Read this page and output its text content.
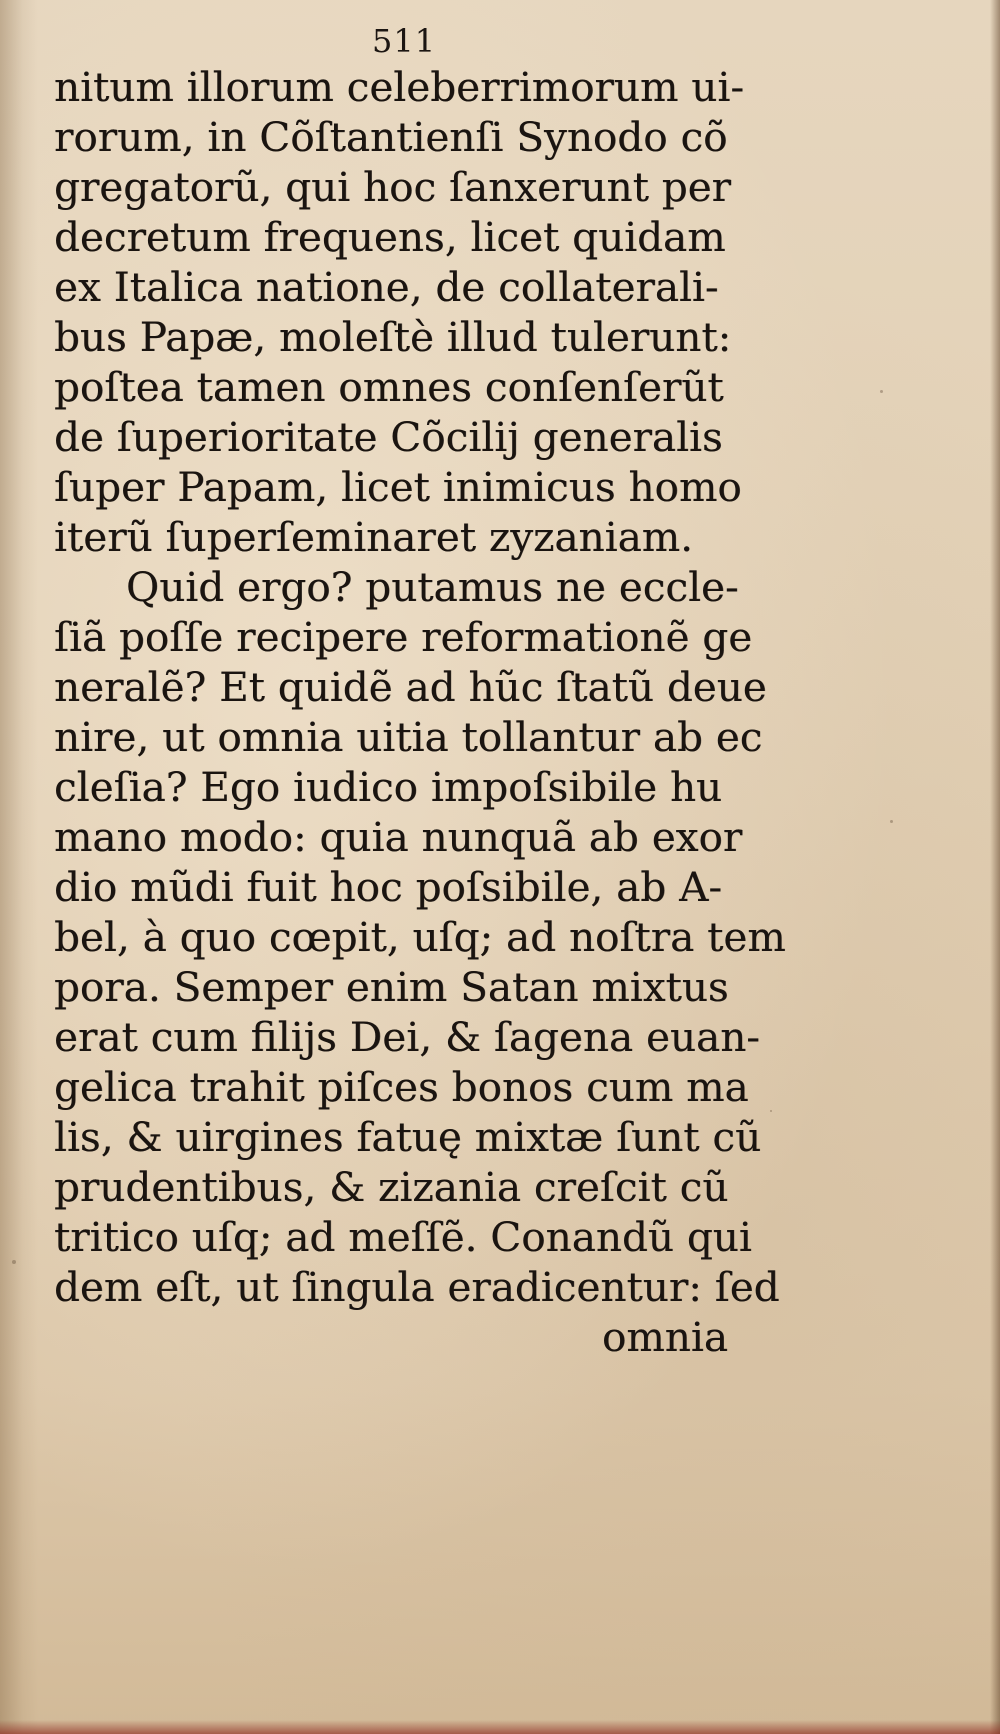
511
nitum illorum celeberrimorum ui-
rorum, in Cõſtantienſi Synodo cõ
gregatorũ, qui hoc ſanxerunt per
decretum frequens, licet quidam
ex Italica natione, de collaterali-
bus Papæ, moleſtè illud tulerunt:
poſtea tamen omnes conſenſerũt
de ſuperioritate Cõcilij generalis
ſuper Papam, licet inimicus homo
iterũ ſuperſeminaret zyzaniam.
Quid ergo? putamus ne eccle-
ſiã poſſe recipere reformationẽ ge
neralẽ? Et quidẽ ad hũc ſtatũ deue
nire, ut omnia uitia tollantur ab ec
cleſia? Ego iudico impoſsibile hu
mano modo: quia nunquã ab exor
dio mũdi fuit hoc poſsibile, ab A-
bel, à quo cœpit, uſq; ad noſtra tem
pora. Semper enim Satan mixtus
erat cum filijs Dei, & ſagena euan-
gelica trahit piſces bonos cum ma
lis, & uirgines fatuę mixtæ ſunt cũ
prudentibus, & zizania creſcit cũ
tritico uſq; ad meſſẽ. Conandũ qui
dem eſt, ut ſingula eradicentur: ſed
omnia
